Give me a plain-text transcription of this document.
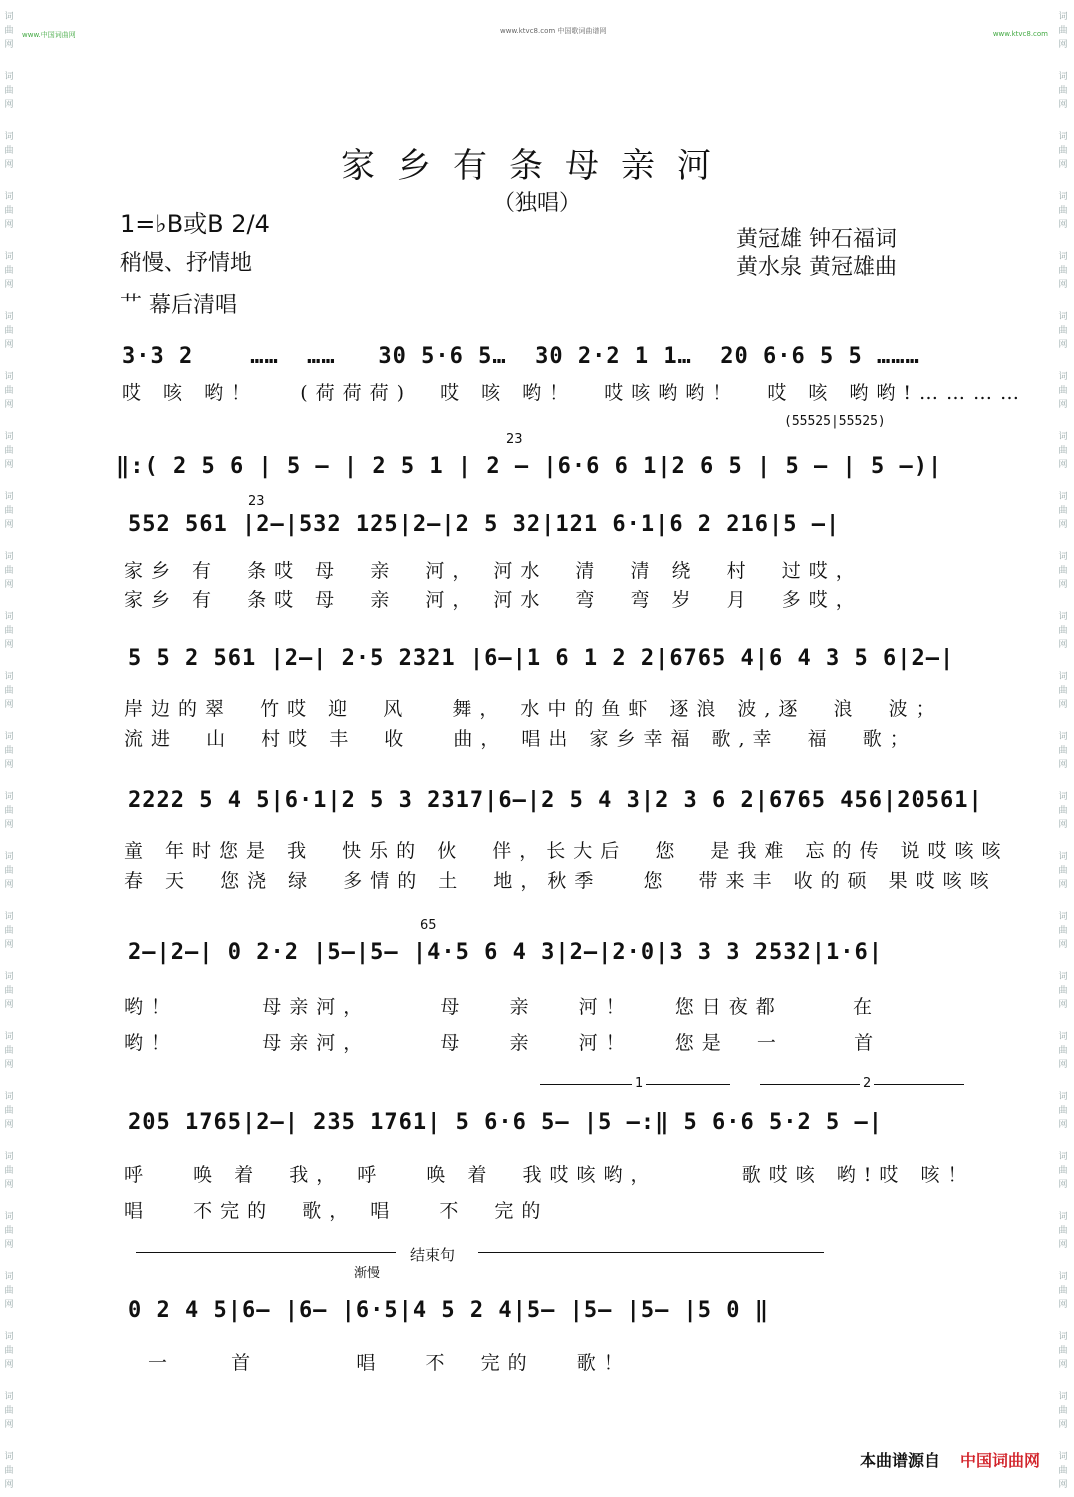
词曲网
词曲网
词曲网
词曲网
词曲网
词曲网
词曲网
词曲网
词曲网
词曲网
词曲网
词曲网
词曲网
词曲网
词曲网
词曲网
词曲网
词曲网
词曲网
词曲网
词曲网
词曲网
词曲网
词曲网
词曲网
词曲网
词曲网
词曲网
词曲网
词曲网
词曲网
词曲网
词曲网
词曲网
词曲网
词曲网
词曲网
词曲网
词曲网
词曲网
词曲网
词曲网
词曲网
词曲网
词曲网
词曲网
词曲网
词曲网
词曲网
词曲网
www.中国词曲网	www.ktvc8.com 中国歌词曲谱网	www.ktvc8.com
家乡有条母亲河
（独唱）
1=♭B或B 2/4
稍慢、抒情地
艹 幕后清唱
黄冠雄 钟石福词
黄水泉 黄冠雄曲
3·3 2    ……  ……   30 5·6 5…  30 2·2 1 1…  20 6·6 5 5 ………
哎 咳 哟！   (荷荷荷)  哎 咳 哟！  哎咳哟哟！  哎 咳 哟哟!…………
(55525|55525)
23
‖:( 2 5 6 | 5 — | 2 5 1 | 2 — |6·6 6 1|2 6 5 | 5 — | 5 —)|
23
552 561 |2—|532 125|2—|2 5 32|121 6·1|6 2 216|5 —|
家乡 有  条哎 母  亲  河， 河水  清  清 绕  村  过哎，
家乡 有  条哎 母  亲  河， 河水  弯  弯 岁  月  多哎，
5 5 2 561 |2—| 2·5 2321 |6—|1 6 1 2 2|6765 4|6 4 3 5 6|2—|
岸边的翠  竹哎 迎  风   舞， 水中的鱼虾 逐浪 波,逐  浪  波；
流进  山  村哎 丰  收   曲， 唱出 家乡幸福 歌,幸  福  歌；
2222 5 4 5|6·1|2 5 3 2317|6—|2 5 4 3|2 3 6 2|6765 456|20561|
童 年时您是 我  快乐的 伙  伴，长大后  您  是我难 忘的传 说哎咳咳
春 天  您浇 绿  多情的 土  地，秋季   您  带来丰 收的硕 果哎咳咳
65
2—|2—| 0 2·2 |5—|5— |4·5 6 4 3|2—|2·0|3 3 3 2532|1·6|
哟！      母亲河，     母   亲   河！   您日夜都     在
哟！      母亲河，     母   亲   河！   您是  一     首
1	2
205 1765|2—| 235 1761| 5 6·6 5— |5 —:‖ 5 6·6 5·2 5 —|
呼   唤 着  我， 呼   唤 着  我哎咳哟，      歌哎咳 哟!哎 咳！
唱   不完的  歌， 唱   不  完的
结束句
渐慢
0 2 4 5|6— |6— |6·5|4 5 2 4|5— |5— |5— |5 0 ‖
一    首       唱   不  完的   歌！
本曲谱源自 中国词曲网
